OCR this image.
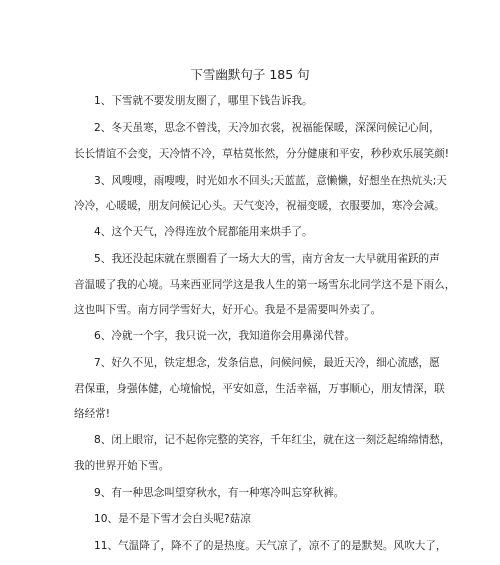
下雪幽默句子 185 句
1、下雪就不要发朋友圈了，哪里下钱告诉我。
2、冬天虽寒，思念不曾浅，天冷加衣裳，祝福能保暖，深深问候记心间，
长长情谊不会变，天冷情不冷，草枯莫怅然，分分健康和平安，秒秒欢乐展笑颜!
3、风嗖嗖，雨嗖嗖，时光如水不回头;天蓝蓝，意懒懒，好想坐在热炕头;天
冷冷，心暖暖，朋友问候记心头。天气变冷，祝福变暖，衣服要加，寒冷会减。
4、这个天气，冷得连放个屁都能用来烘手了。
5、我还没起床就在票圈看了一场大大的雪，南方舍友一大早就用雀跃的声
音温暖了我的心境。马来西亚同学这是我人生的第一场雪东北同学这不是下雨么，
这也叫下雪。南方同学雪好大，好开心。我是不是需要叫外卖了。
6、冷就一个字，我只说一次，我知道你会用鼻涕代替。
7、好久不见，铁定想念，发条信息，问候问候，最近天冷，细心流感，愿
君保重，身强体健，心境愉悦，平安如意，生活幸福，万事顺心，朋友情深，联
络经常!
8、闭上眼帘，记不起你完整的笑容，千年红尘，就在这一刻泛起绵绵情愁，
我的世界开始下雪。
9、有一种思念叫望穿秋水，有一种寒冷叫忘穿秋裤。
10、是不是下雪才会白头呢?菇凉
11、气温降了，降不了的是热度。天气凉了，凉不了的是默契。风吹大了，
